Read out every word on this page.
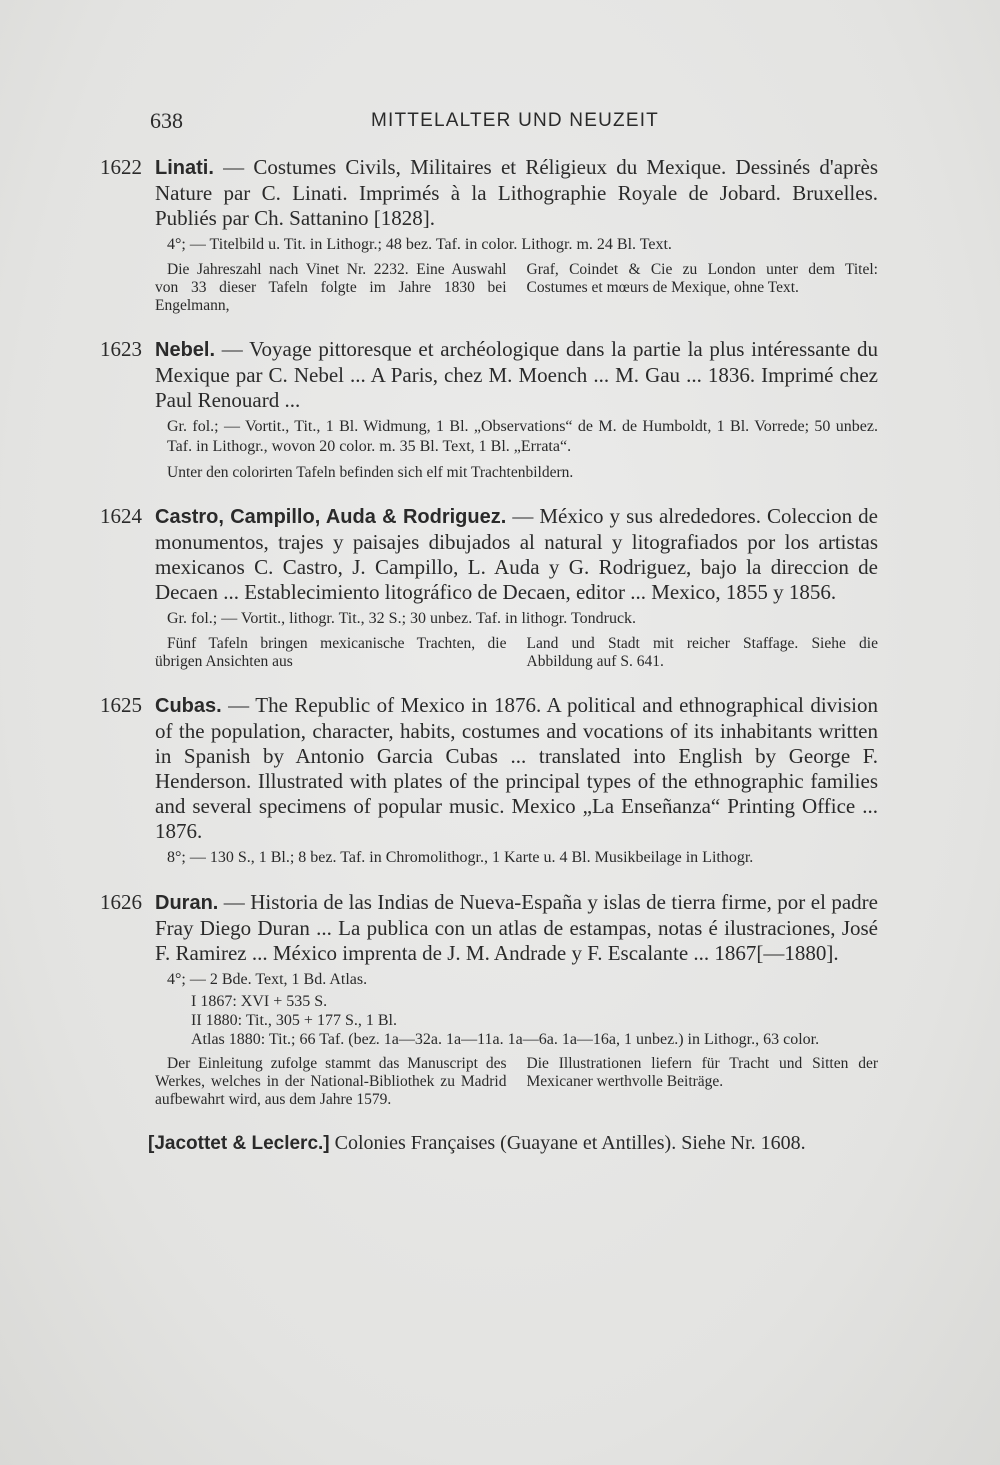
638	MITTELALTER UND NEUZEIT
1622 Linati. — Costumes Civils, Militaires et Réligieux du Mexique. Dessinés d'après Nature par C. Linati. Imprimés à la Lithographie Royale de Jobard. Bruxelles. Publiés par Ch. Sattanino [1828].
4°; — Titelbild u. Tit. in Lithogr.; 48 bez. Taf. in color. Lithogr. m. 24 Bl. Text.
Die Jahreszahl nach Vinet Nr. 2232. Eine Auswahl von 33 dieser Tafeln folgte im Jahre 1830 bei Engelmann,
Graf, Coindet & Cie zu London unter dem Titel: Costumes et mœurs de Mexique, ohne Text.
1623 Nebel. — Voyage pittoresque et archéologique dans la partie la plus intéressante du Mexique par C. Nebel ... A Paris, chez M. Moench ... M. Gau ... 1836. Imprimé chez Paul Renouard ...
Gr. fol.; — Vortit., Tit., 1 Bl. Widmung, 1 Bl. „Observations“ de M. de Humboldt, 1 Bl. Vorrede; 50 unbez. Taf. in Lithogr., wovon 20 color. m. 35 Bl. Text, 1 Bl. „Errata“.
Unter den colorirten Tafeln befinden sich elf mit Trachtenbildern.
1624 Castro, Campillo, Auda & Rodriguez. — México y sus alrededores. Coleccion de monumentos, trajes y paisajes dibujados al natural y litografiados por los artistas mexicanos C. Castro, J. Campillo, L. Auda y G. Rodriguez, bajo la direccion de Decaen ... Establecimiento litográfico de Decaen, editor ... Mexico, 1855 y 1856.
Gr. fol.; — Vortit., lithogr. Tit., 32 S.; 30 unbez. Taf. in lithogr. Tondruck.
Fünf Tafeln bringen mexicanische Trachten, die übrigen Ansichten aus
Land und Stadt mit reicher Staffage. Siehe die Abbildung auf S. 641.
1625 Cubas. — The Republic of Mexico in 1876. A political and ethnographical division of the population, character, habits, costumes and vocations of its inhabitants written in Spanish by Antonio Garcia Cubas ... translated into English by George F. Henderson. Illustrated with plates of the principal types of the ethnographic families and several specimens of popular music. Mexico „La Enseñanza“ Printing Office ... 1876.
8°; — 130 S., 1 Bl.; 8 bez. Taf. in Chromolithogr., 1 Karte u. 4 Bl. Musikbeilage in Lithogr.
1626 Duran. — Historia de las Indias de Nueva-España y islas de tierra firme, por el padre Fray Diego Duran ... La publica con un atlas de estampas, notas é ilustraciones, José F. Ramirez ... México imprenta de J. M. Andrade y F. Escalante ... 1867[—1880].
4°; — 2 Bde. Text, 1 Bd. Atlas.
I 1867: XVI + 535 S.
II 1880: Tit., 305 + 177 S., 1 Bl.
Atlas 1880: Tit.; 66 Taf. (bez. 1a—32a. 1a—11a. 1a—6a. 1a—16a, 1 unbez.) in Lithogr., 63 color.
Der Einleitung zufolge stammt das Manuscript des Werkes, welches in der National-Bibliothek zu Madrid aufbewahrt wird, aus dem Jahre 1579.
Die Illustrationen liefern für Tracht und Sitten der Mexicaner werthvolle Beiträge.
[Jacottet & Leclerc.] Colonies Françaises (Guayane et Antilles). Siehe Nr. 1608.
